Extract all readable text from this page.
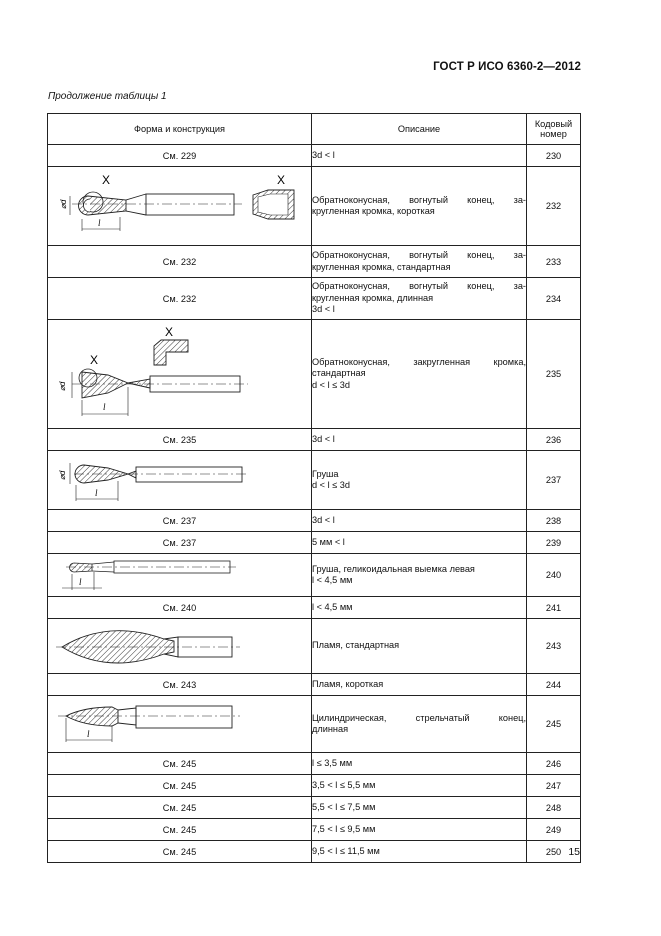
ГОСТ Р ИСО 6360-2—2012
Продолжение таблицы 1
Форма и конструкция	Описание	Кодовый номер
См. 229	3d < l	230

X X
⌀d
l	Обратноконусная, вогнутый конец, за-
кругленная кромка, короткая	232
См. 232	Обратноконусная, вогнутый конец, за-
кругленная кромка, стандартная	233
См. 232	Обратноконусная, вогнутый конец, за-
кругленная кромка, длинная
3d < l	234

X
X
⌀d
l	Обратноконусная, закругленная кромка,
стандартная
d < l ≤ 3d	235
См. 235	3d < l	236

⌀d
l	Груша
d < l ≤ 3d	237
См. 237	3d < l	238
См. 237	5 мм < l	239

l	Груша, геликоидальная выемка левая
l < 4,5 мм	240
См. 240	l < 4,5 мм	241

Пламя, стандартная	243
См. 243	Пламя, короткая	244

l	Цилиндрическая, стрельчатый конец,
длинная	245
См. 245	l ≤ 3,5 мм	246
См. 245	3,5 < l ≤ 5,5 мм	247
См. 245	5,5 < l ≤ 7,5 мм	248
См. 245	7,5 < l ≤ 9,5 мм	249
См. 245	9,5 < l ≤ 11,5 мм	250 15
